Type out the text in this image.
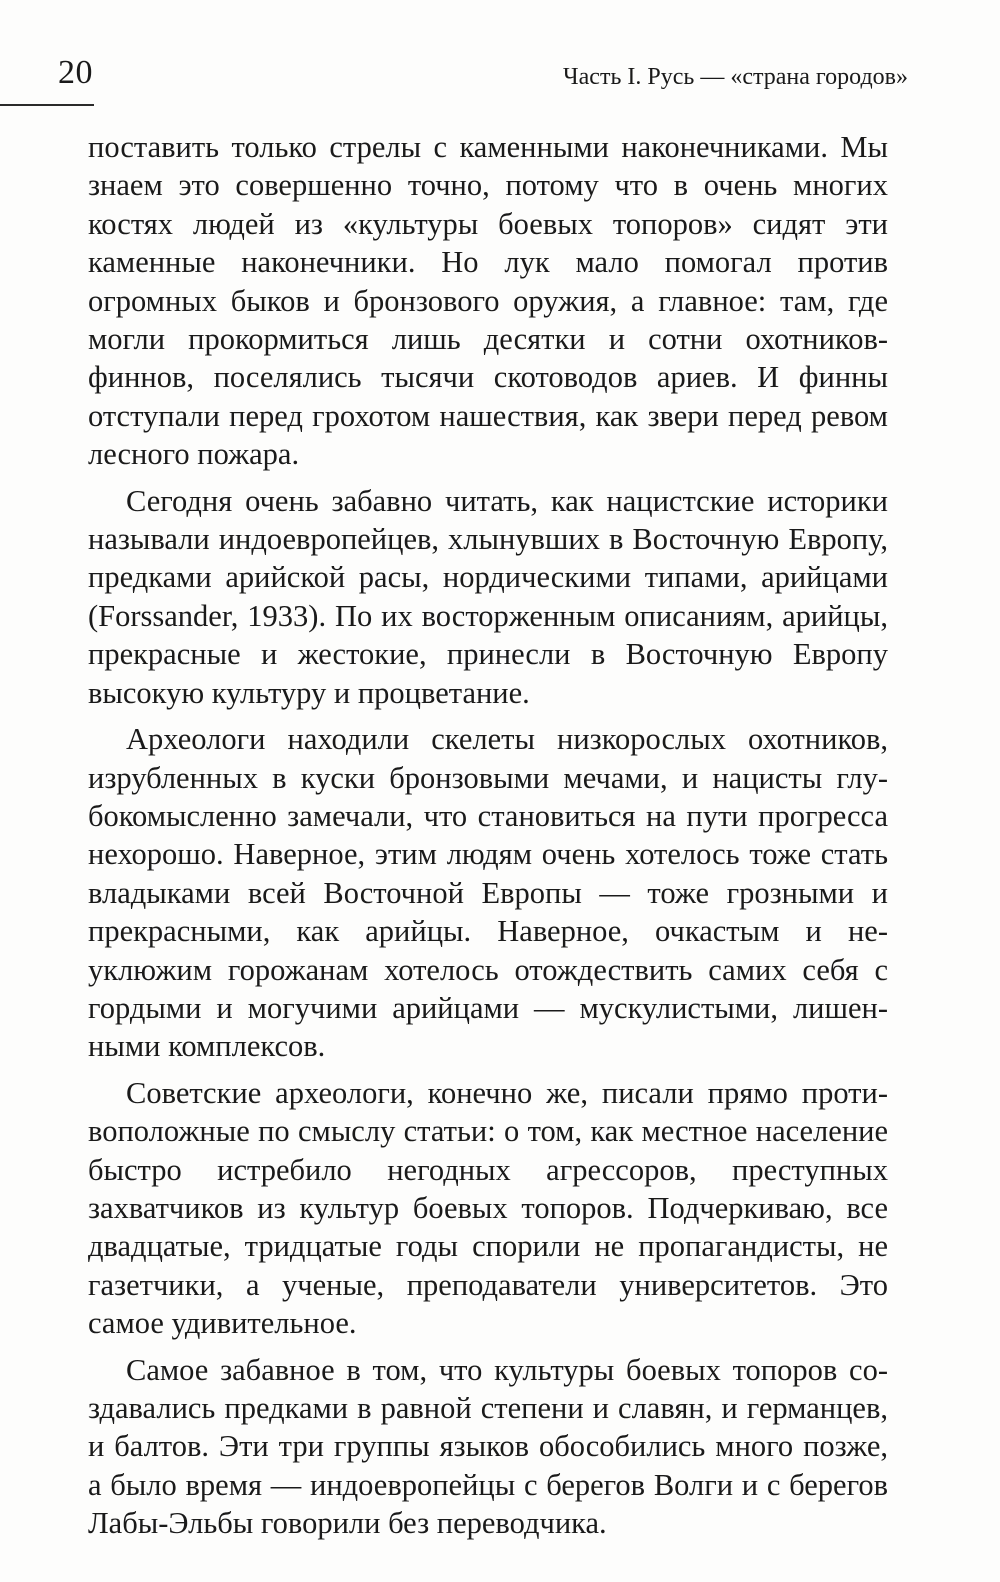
20	Часть I. Русь — «страна городов»

поставить только стрелы с каменными наконечниками. Мы знаем это совершенно точно, потому что в очень многих костях людей из «культуры боевых топоров» сидят эти каменные наконечники. Но лук мало помогал против огромных быков и бронзового оружия, а главное: там, где могли прокормиться лишь десятки и сотни охотников-финнов, поселялись тысячи скотоводов ариев. И финны отступали перед грохотом нашествия, как звери перед ревом лесного пожара.

Сегодня очень забавно читать, как нацистские историки называли индоевропейцев, хлынувших в Восточную Европу, предками арийской расы, нордическими типами, арийцами (Forssander, 1933). По их восторженным описаниям, арийцы, прекрасные и жестокие, принесли в Восточную Европу высокую культуру и процветание.

Археологи находили скелеты низкорослых охотников, изрубленных в куски бронзовыми мечами, и нацисты глубокомысленно замечали, что становиться на пути прогресса нехорошо. Наверное, этим людям очень хотелось тоже стать владыками всей Восточной Европы — тоже грозными и прекрасными, как арийцы. Наверное, очкастым и неуклюжим горожанам хотелось отождествить самих себя с гордыми и могучими арийцами — мускулистыми, лишенными комплексов.

Советские археологи, конечно же, писали прямо противоположные по смыслу статьи: о том, как местное население быстро истребило негодных агрессоров, преступных захватчиков из культур боевых топоров. Подчеркиваю, все двадцатые, тридцатые годы спорили не пропагандисты, не газетчики, а ученые, преподаватели университетов. Это самое удивительное.

Самое забавное в том, что культуры боевых топоров создавались предками в равной степени и славян, и германцев, и балтов. Эти три группы языков обособились много позже, а было время — индоевропейцы с берегов Волги и с берегов Лабы-Эльбы говорили без переводчика.
